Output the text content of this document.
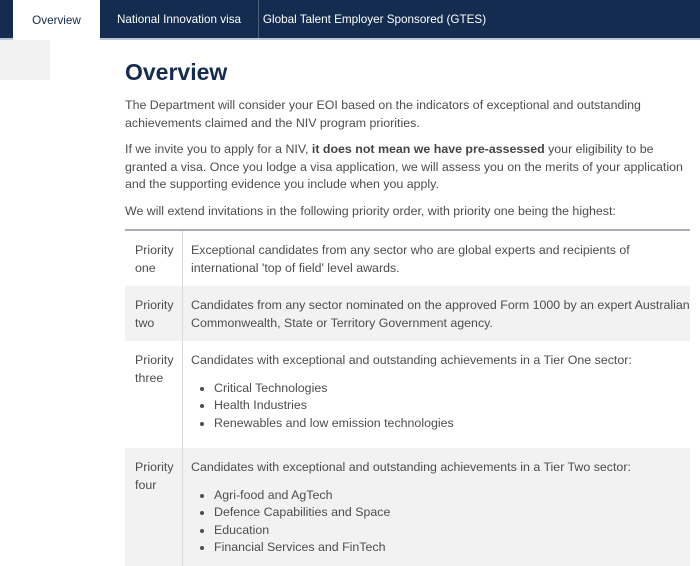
Overview	National Innovation visa	Global Talent Employer Sponsored (GTES)
Overview

The Department will consider your EOI based on the indicators of exceptional and outstanding achievements claimed and the NIV program priorities.

If we invite you to apply for a NIV, it does not mean we have pre-assessed your eligibility to be granted a visa. Once you lodge a visa application, we will assess you on the merits of your application and the supporting evidence you include when you apply.

We will extend invitations in the following priority order, with priority one being the highest:

Priority one

Exceptional candidates from any sector who are global experts and recipients of international 'top of field' level awards.

Priority two

Candidates from any sector nominated on the approved Form 1000 by an expert Australian Commonwealth, State or Territory Government agency.

Priority three

Candidates with exceptional and outstanding achievements in a Tier One sector:

• Critical Technologies
• Health Industries
• Renewables and low emission technologies
Priority four

Candidates with exceptional and outstanding achievements in a Tier Two sector:

• Agri-food and AgTech
• Defence Capabilities and Space
• Education
• Financial Services and FinTech
